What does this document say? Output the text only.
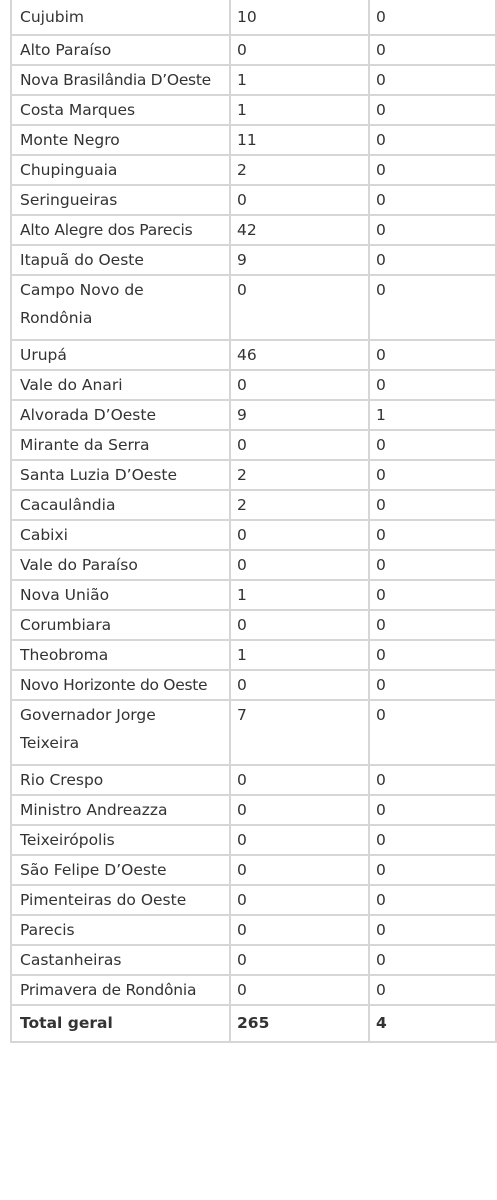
Cujubim	10	0
Alto Paraíso	0	0
Nova Brasilândia D’Oeste	1	0
Costa Marques	1	0
Monte Negro	11	0
Chupinguaia	2	0
Seringueiras	0	0
Alto Alegre dos Parecis	42	0
Itapuã do Oeste	9	0
Campo Novo de Rondônia	0	0
Urupá	46	0
Vale do Anari	0	0
Alvorada D’Oeste	9	1
Mirante da Serra	0	0
Santa Luzia D’Oeste	2	0
Cacaulândia	2	0
Cabixi	0	0
Vale do Paraíso	0	0
Nova União	1	0
Corumbiara	0	0
Theobroma	1	0
Novo Horizonte do Oeste	0	0
Governador Jorge Teixeira	7	0
Rio Crespo	0	0
Ministro Andreazza	0	0
Teixeirópolis	0	0
São Felipe D’Oeste	0	0
Pimenteiras do Oeste	0	0
Parecis	0	0
Castanheiras	0	0
Primavera de Rondônia	0	0
Total geral	265	4
